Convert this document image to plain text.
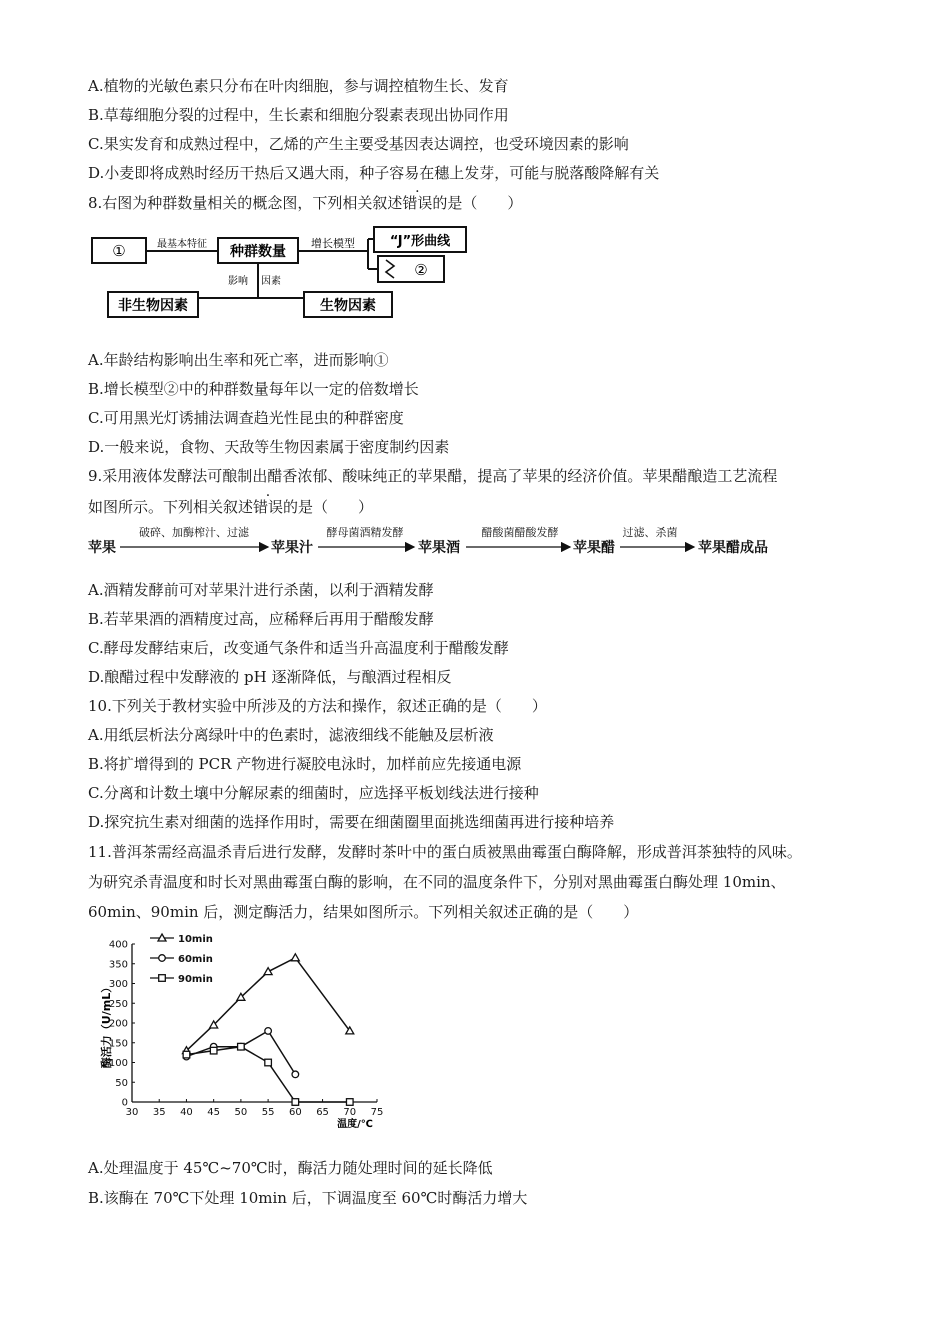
A.植物的光敏色素只分布在叶肉细胞，参与调控植物生长、发育
B.草莓细胞分裂的过程中，生长素和细胞分裂素表现出协同作用
C.果实发育和成熟过程中，乙烯的产生主要受基因表达调控，也受环境因素的影响
D.小麦即将成熟时经历干热后又遇大雨，种子容易在穗上发芽，可能与脱落酸降解有关
8.右图为种群数量相关的概念图，下列相关叙述错误的是（　　）
①	最基本特征 种群数量
增长模型	“J”形曲线
②
影响 因素
非生物因素	生物因素
A.年龄结构影响出生率和死亡率，进而影响①
B.增长模型②中的种群数量每年以一定的倍数增长
C.可用黑光灯诱捕法调查趋光性昆虫的种群密度
D.一般来说，食物、天敌等生物因素属于密度制约因素
9.采用液体发酵法可酿制出醋香浓郁、酸味纯正的苹果醋，提高了苹果的经济价值。苹果醋酿造工艺流程
如图所示。下列相关叙述错误的是（　　）
苹果	苹果汁	苹果酒	苹果醋	苹果醋成品
破碎、加酶榨汁、过滤	酵母菌酒精发酵	醋酸菌醋酸发酵	过滤、杀菌
A.酒精发酵前可对苹果汁进行杀菌，以利于酒精发酵
B.若苹果酒的酒精度过高，应稀释后再用于醋酸发酵
C.酵母发酵结束后，改变通气条件和适当升高温度利于醋酸发酵
D.酿醋过程中发酵液的 pH 逐渐降低，与酿酒过程相反
10.下列关于教材实验中所涉及的方法和操作，叙述正确的是（　　）
A.用纸层析法分离绿叶中的色素时，滤液细线不能触及层析液
B.将扩增得到的 PCR 产物进行凝胶电泳时，加样前应先接通电源
C.分离和计数土壤中分解尿素的细菌时，应选择平板划线法进行接种
D.探究抗生素对细菌的选择作用时，需要在细菌圈里面挑选细菌再进行接种培养
11.普洱茶需经高温杀青后进行发酵，发酵时茶叶中的蛋白质被黑曲霉蛋白酶降解，形成普洱茶独特的风味。
为研究杀青温度和时长对黑曲霉蛋白酶的影响，在不同的温度条件下，分别对黑曲霉蛋白酶处理 10min、
60min、90min 后，测定酶活力，结果如图所示。下列相关叙述正确的是（　　）
30 35 40 45 50 55 60 65 70 75
0
50
100
150
200
250
300
350
400	10min
60min
90min
酶活力（U/mL）
温度/℃
A.处理温度于 45℃~70℃时，酶活力随处理时间的延长降低
B.该酶在 70℃下处理 10min 后，下调温度至 60℃时酶活力增大
